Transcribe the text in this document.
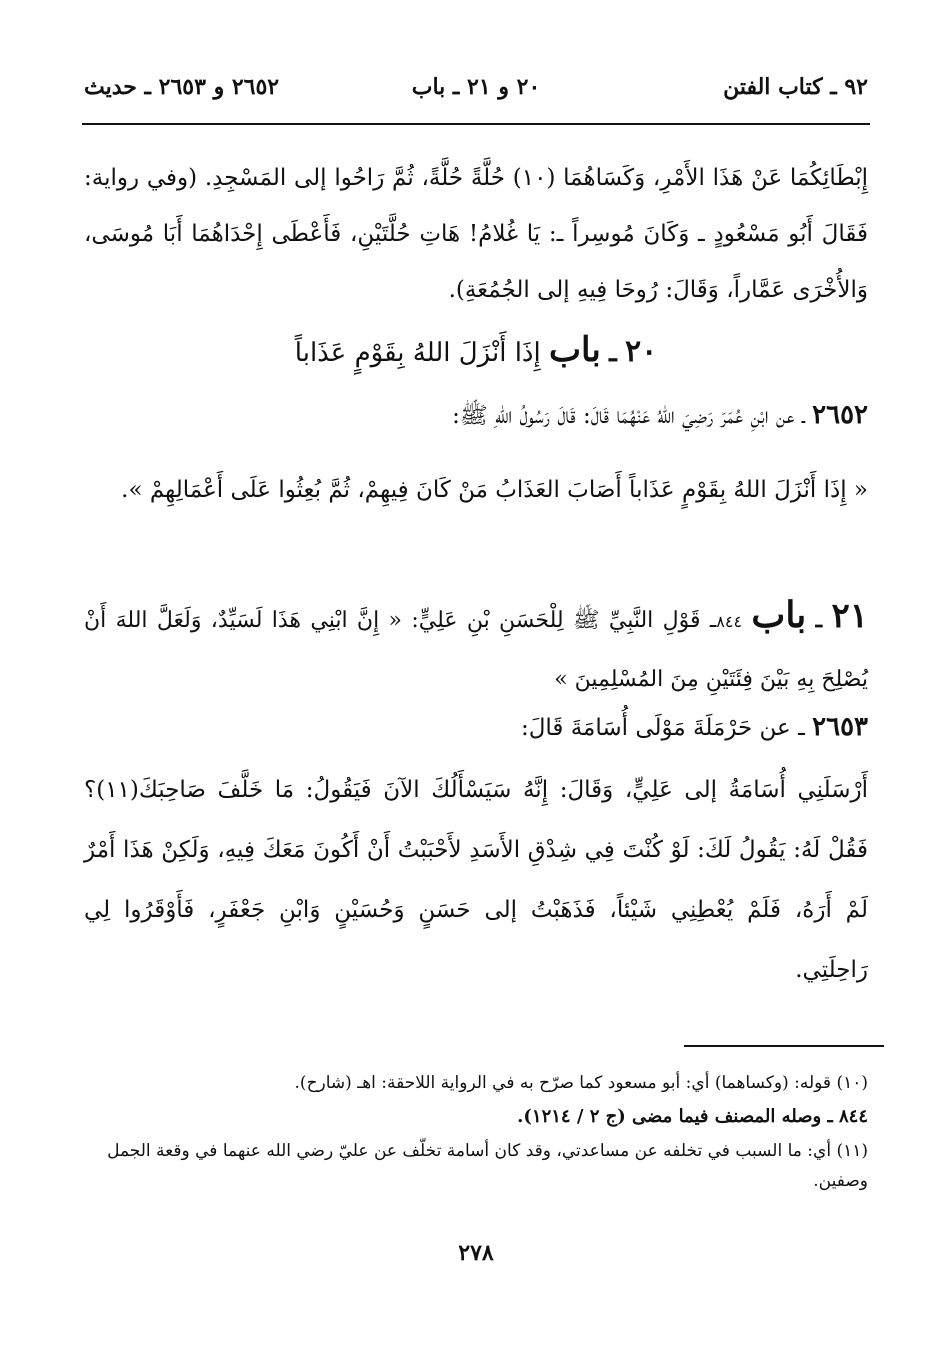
٩٢ ـ كتاب الفتن
٢٠ و ٢١ ـ باب
٢٦٥٢ و ٢٦٥٣ ـ حديث
إِبْطَائِكُمَا عَنْ هَذَا الأَمْرِ، وَكَسَاهُمَا (١٠) حُلَّةً حُلَّةً، ثُمَّ رَاحُوا إلى المَسْجِدِ. (وفي رواية: فَقَالَ أَبُو مَسْعُودٍ ـ وَكَانَ مُوسِراً ـ: يَا غُلامُ! هَاتِ حُلَّتَيْنِ، فَأَعْطَى إِحْدَاهُمَا أَبَا مُوسَى، وَالأُخْرَى عَمَّاراً، وَقَالَ: رُوحَا فِيهِ إلى الجُمُعَةِ).
٢٠ ـ باب إِذَا أَنْزَلَ اللهُ بِقَوْمٍ عَذَاباً
٢٦٥٢ ـ عن ابْنِ عُمَرَ رَضِيَ اللهُ عَنْهُمَا قَالَ: قَالَ رَسُولُ اللهِ ﷺ:
« إِذَا أَنْزَلَ اللهُ بِقَوْمٍ عَذَاباً أَصَابَ العَذَابُ مَنْ كَانَ فِيهِمْ، ثُمَّ بُعِثُوا عَلَى أَعْمَالِهِمْ ».
٢١ ـ باب ٨٤٤ـ قَوْلِ النَّبِيِّ ﷺ لِلْحَسَنِ بْنِ عَلِيٍّ: « إِنَّ ابْنِي هَذَا لَسَيِّدٌ، وَلَعَلَّ اللهَ أَنْ يُصْلِحَ بِهِ بَيْنَ فِئَتَيْنِ مِنَ المُسْلِمِينَ »
٢٦٥٣ ـ عن حَرْمَلَةَ مَوْلَى أُسَامَةَ قَالَ:
أَرْسَلَنِي أُسَامَةُ إلى عَلِيٍّ، وَقَالَ: إِنَّهُ سَيَسْأَلُكَ الآنَ فَيَقُولُ: مَا خَلَّفَ صَاحِبَكَ(١١)؟ فَقُلْ لَهُ: يَقُولُ لَكَ: لَوْ كُنْتَ فِي شِدْقِ الأَسَدِ لأَحْبَبْتُ أَنْ أَكُونَ مَعَكَ فِيهِ، وَلَكِنْ هَذَا أَمْرٌ لَمْ أَرَهُ، فَلَمْ يُعْطِنِي شَيْئاً، فَذَهَبْتُ إلى حَسَنٍ وَحُسَيْنٍ وَابْنِ جَعْفَرٍ، فَأَوْقَرُوا لِي رَاحِلَتِي.

(١٠) قوله: (وكساهما) أي: أبو مسعود كما صرّح به في الرواية اللاحقة: اهـ (شارح).

٨٤٤ ـ وصله المصنف فيما مضى (ج ٢ / ١٢١٤).

(١١) أي: ما السبب في تخلفه عن مساعدتي، وقد كان أسامة تخلّف عن عليّ رضي الله عنهما في وقعة الجمل وصفين.

٢٧٨
